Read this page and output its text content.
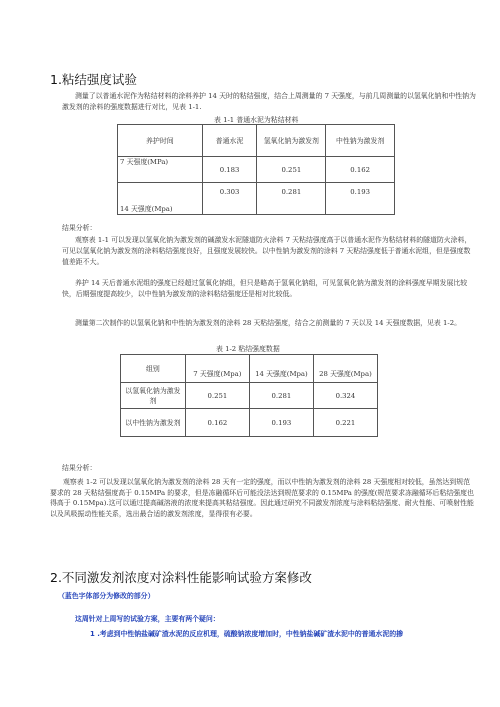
1.粘结强度试验
测量了以普通水泥作为粘结材料的涂料养护 14 天时的粘结强度，结合上周测量的 7 天强度，与前几周测量的以氢氧化钠和中性钠为激发剂的涂料的强度数据进行对比，见表 1-1.
表 1-1 普通水泥为粘结材料
养护时间	普通水泥	氢氧化钠为激发剂	中性钠为激发剂
7 天强度(MPa)	0.183	0.251	0.162
14 天强度(Mpa)	0.303	0.281	0.193
结果分析：
观察表 1-1 可以发现以氢氧化钠为激发剂的碱激发水泥隧道防火涂料 7 天粘结强度高于以普通水泥作为粘结材料的隧道防火涂料，可见以氢氧化钠为激发剂的涂料粘结强度良好，且强度发展较快。以中性钠为激发剂的涂料 7 天粘结强度低于普通水泥组，但是强度数值差距不大。
养护 14 天后普通水泥组的强度已经超过氢氧化钠组，但只是略高于氢氧化钠组，可见氢氧化钠为激发剂的涂料强度早期发展比较快，后期强度提高较少，以中性钠为激发剂的涂料粘结强度还是相对比较低。
测量第二次制作的以氢氧化钠和中性钠为激发剂的涂料 28 天粘结强度，结合之前测量的 7 天以及 14 天强度数据，见表 1-2。
表 1-2 粘结强度数据
组别	7 天强度(Mpa)	14 天强度(Mpa)	28 天强度(Mpa)

以氢氧化钠为激发剂	0.251	0.281	0.324
以中性钠为激发剂	0.162	0.193	0.221
结果分析：
观察表 1-2 可以发现以氢氧化钠为激发剂的涂料 28 天有一定的强度，而以中性钠为激发剂的涂料 28 天强度相对较低，虽然达到规范要求的 28 天粘结强度高于 0.15MPa 的要求，但是冻融循环后可能没法达到规范要求的 0.15MPa 的强度(规范要求冻融循环后粘结强度也得高于 0.15Mpa).这可以通过提高碱溶液的浓度来提高其粘结强度。因此通过研究不同激发剂浓度与涂料粘结强度、耐火性能、可喷射性能以及风吸振动性能关系，选出最合适的激发剂浓度，显得很有必要。
2.不同激发剂浓度对涂料性能影响试验方案修改
（蓝色字体部分为修改的部分）
这周针对上周写的试验方案，主要有两个疑问：
1 .考虑到中性钠盐碱矿渣水泥的反应机理，硫酸钠浓度增加时，中性钠盐碱矿渣水泥中的普通水泥的掺
